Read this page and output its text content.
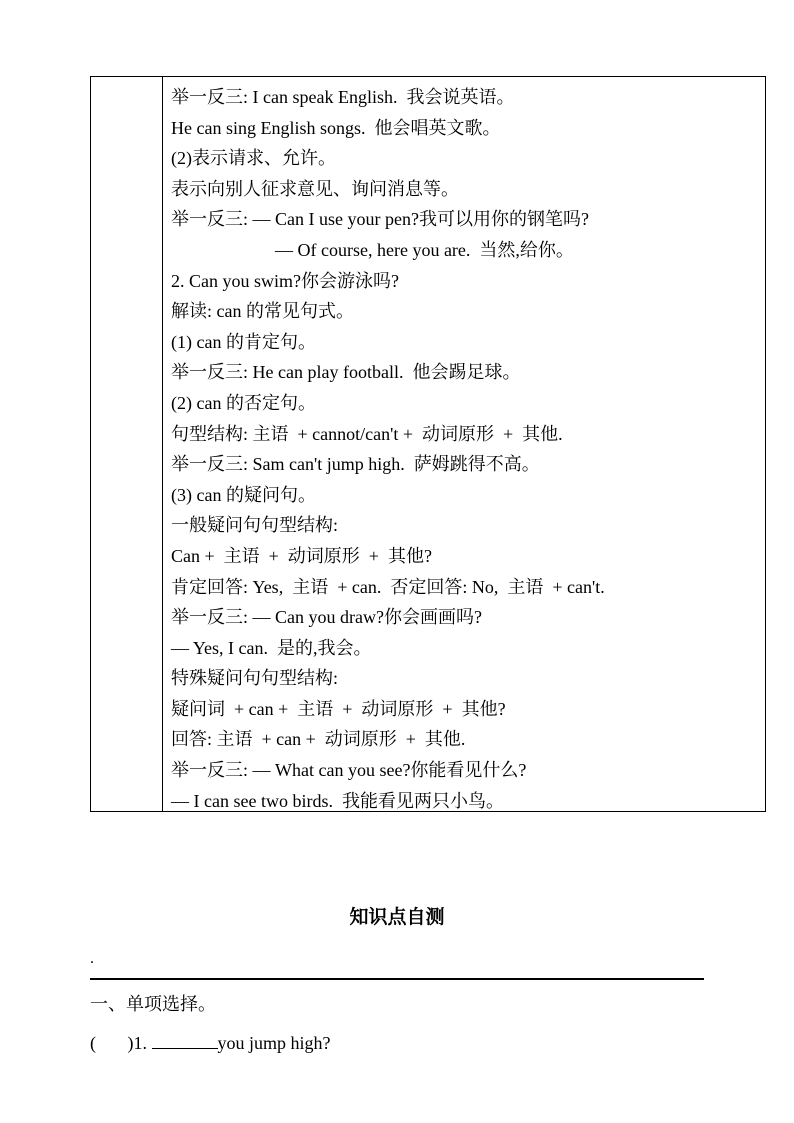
举一反三: I can speak English.  我会说英语。
He can sing English songs.  他会唱英文歌。
(2)表示请求、允许。
表示向别人征求意见、询问消息等。
举一反三: — Can I use your pen?我可以用你的钢笔吗?
— Of course, here you are.  当然,给你。
2. Can you swim?你会游泳吗?
解读: can 的常见句式。
(1) can 的肯定句。
举一反三: He can play football.  他会踢足球。
(2) can 的否定句。
句型结构: 主语  + cannot/can't +  动词原形  +  其他.
举一反三: Sam can't jump high.  萨姆跳得不高。
(3) can 的疑问句。
一般疑问句句型结构:
Can +  主语  +  动词原形  +  其他?
肯定回答: Yes,  主语  + can.  否定回答: No,  主语  + can't.
举一反三: — Can you draw?你会画画吗?
— Yes, I can.  是的,我会。
特殊疑问句句型结构:
疑问词  + can +  主语  +  动词原形  +  其他?
回答: 主语  + can +  动词原形  +  其他.
举一反三: — What can you see?你能看见什么?
— I can see two birds.  我能看见两只小鸟。
知识点自测
.
一、单项选择。
(       )1.	you jump high?
